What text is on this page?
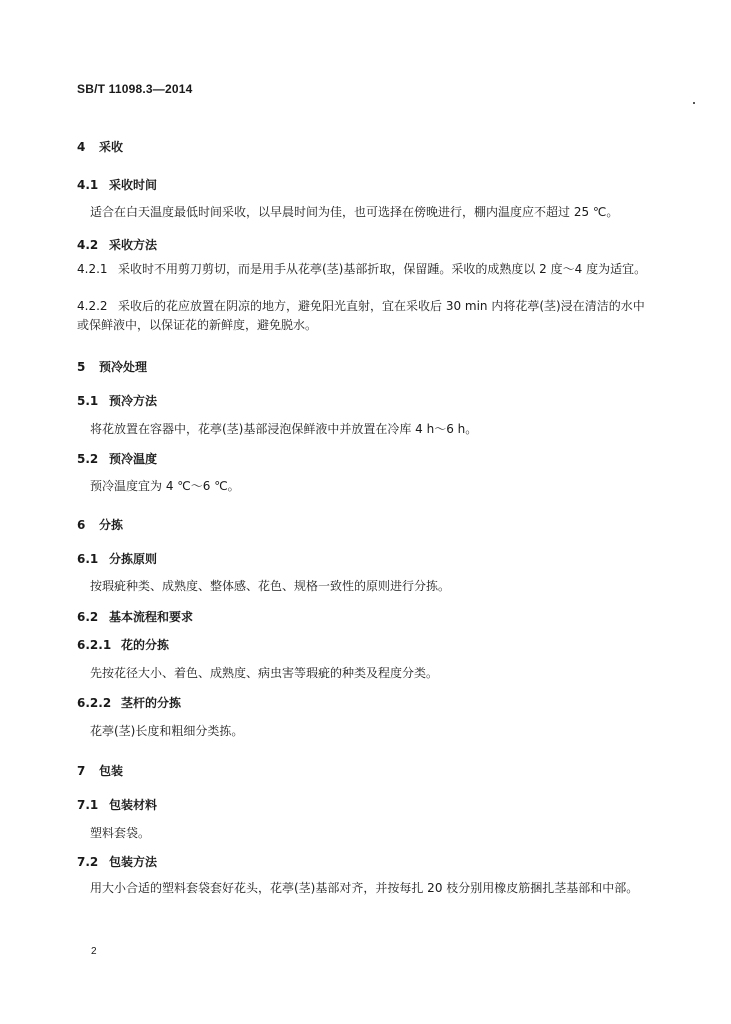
SB/T 11098.3—2014
4 采收
4.1 采收时间
适合在白天温度最低时间采收，以早晨时间为佳，也可选择在傍晚进行，棚内温度应不超过 25 ℃。
4.2 采收方法
4.2.1 采收时不用剪刀剪切，而是用手从花葶(茎)基部折取，保留踵。采收的成熟度以 2 度～4 度为适宜。
4.2.2 采收后的花应放置在阴凉的地方，避免阳光直射，宜在采收后 30 min 内将花葶(茎)浸在清洁的水中或保鲜液中，以保证花的新鲜度，避免脱水。
5 预冷处理
5.1 预冷方法
将花放置在容器中，花葶(茎)基部浸泡保鲜液中并放置在冷库 4 h～6 h。
5.2 预冷温度
预冷温度宜为 4 ℃～6 ℃。
6 分拣
6.1 分拣原则
按瑕疵种类、成熟度、整体感、花色、规格一致性的原则进行分拣。
6.2 基本流程和要求
6.2.1 花的分拣
先按花径大小、着色、成熟度、病虫害等瑕疵的种类及程度分类。
6.2.2 茎杆的分拣
花葶(茎)长度和粗细分类拣。
7 包装
7.1 包装材料
塑料套袋。
7.2 包装方法
用大小合适的塑料套袋套好花头，花葶(茎)基部对齐，并按每扎 20 枝分别用橡皮筋捆扎茎基部和中部。
2
